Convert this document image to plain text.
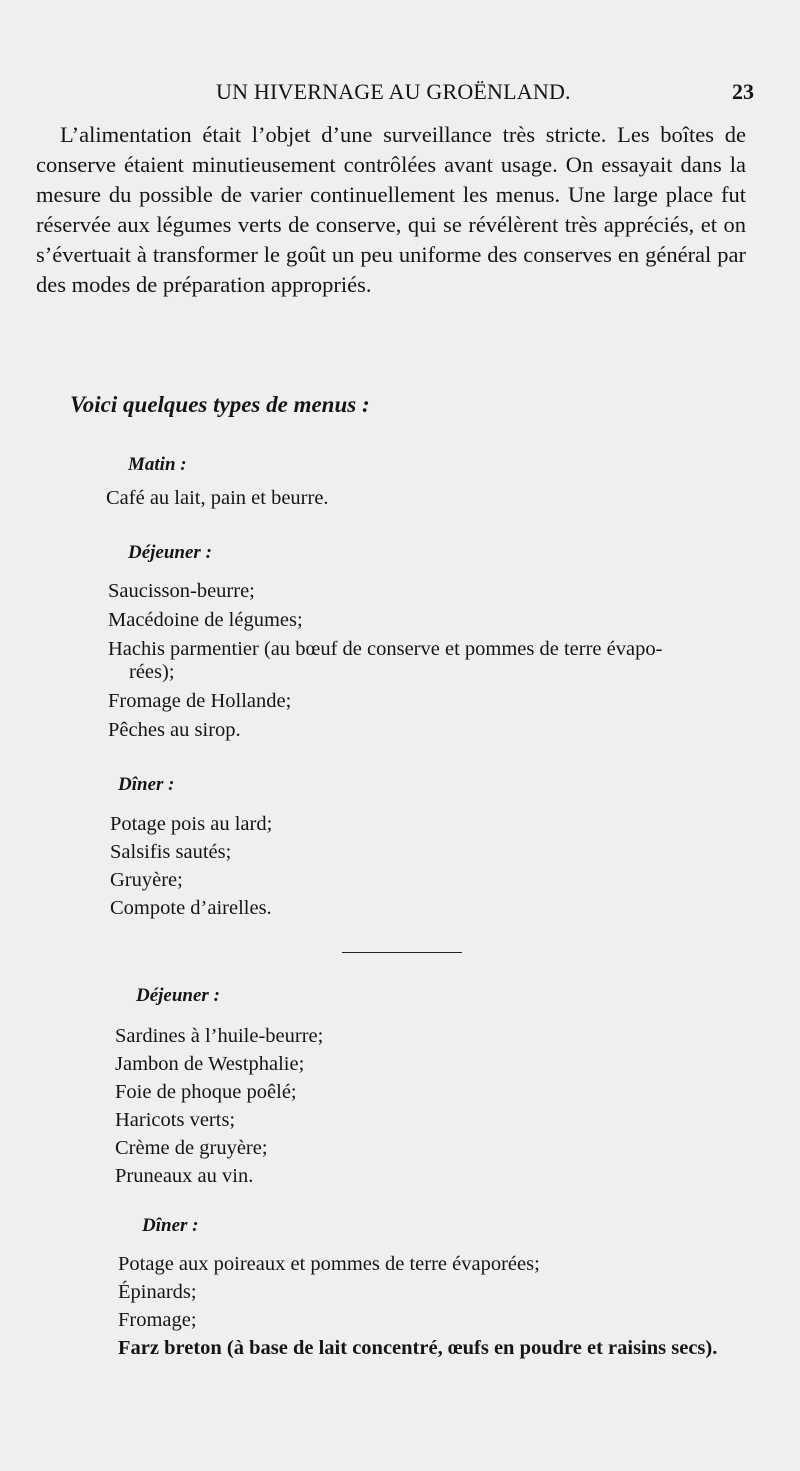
UN HIVERNAGE AU GROËNLAND.	23

L’alimentation était l’objet d’une surveillance très stricte. Les boîtes de conserve étaient minutieusement contrôlées avant usage. On essayait dans la mesure du possible de varier continuellement les menus. Une large place fut réservée aux légumes verts de conserve, qui se révélèrent très appréciés, et on s’évertuait à transformer le goût un peu uniforme des conserves en général par des modes de préparation appropriés.

Voici quelques types de menus :
Matin :
Café au lait, pain et beurre.
Déjeuner :
Saucisson-beurre;
Macédoine de légumes;
Hachis parmentier (au bœuf de conserve et pommes de terre évapo-
rées);
Fromage de Hollande;
Pêches au sirop.
Dîner :
Potage pois au lard;
Salsifis sautés;
Gruyère;
Compote d’airelles.
Déjeuner :
Sardines à l’huile-beurre;
Jambon de Westphalie;
Foie de phoque poêlé;
Haricots verts;
Crème de gruyère;
Pruneaux au vin.
Dîner :
Potage aux poireaux et pommes de terre évaporées;
Épinards;
Fromage;
Farz breton (à base de lait concentré, œufs en poudre et raisins secs).
